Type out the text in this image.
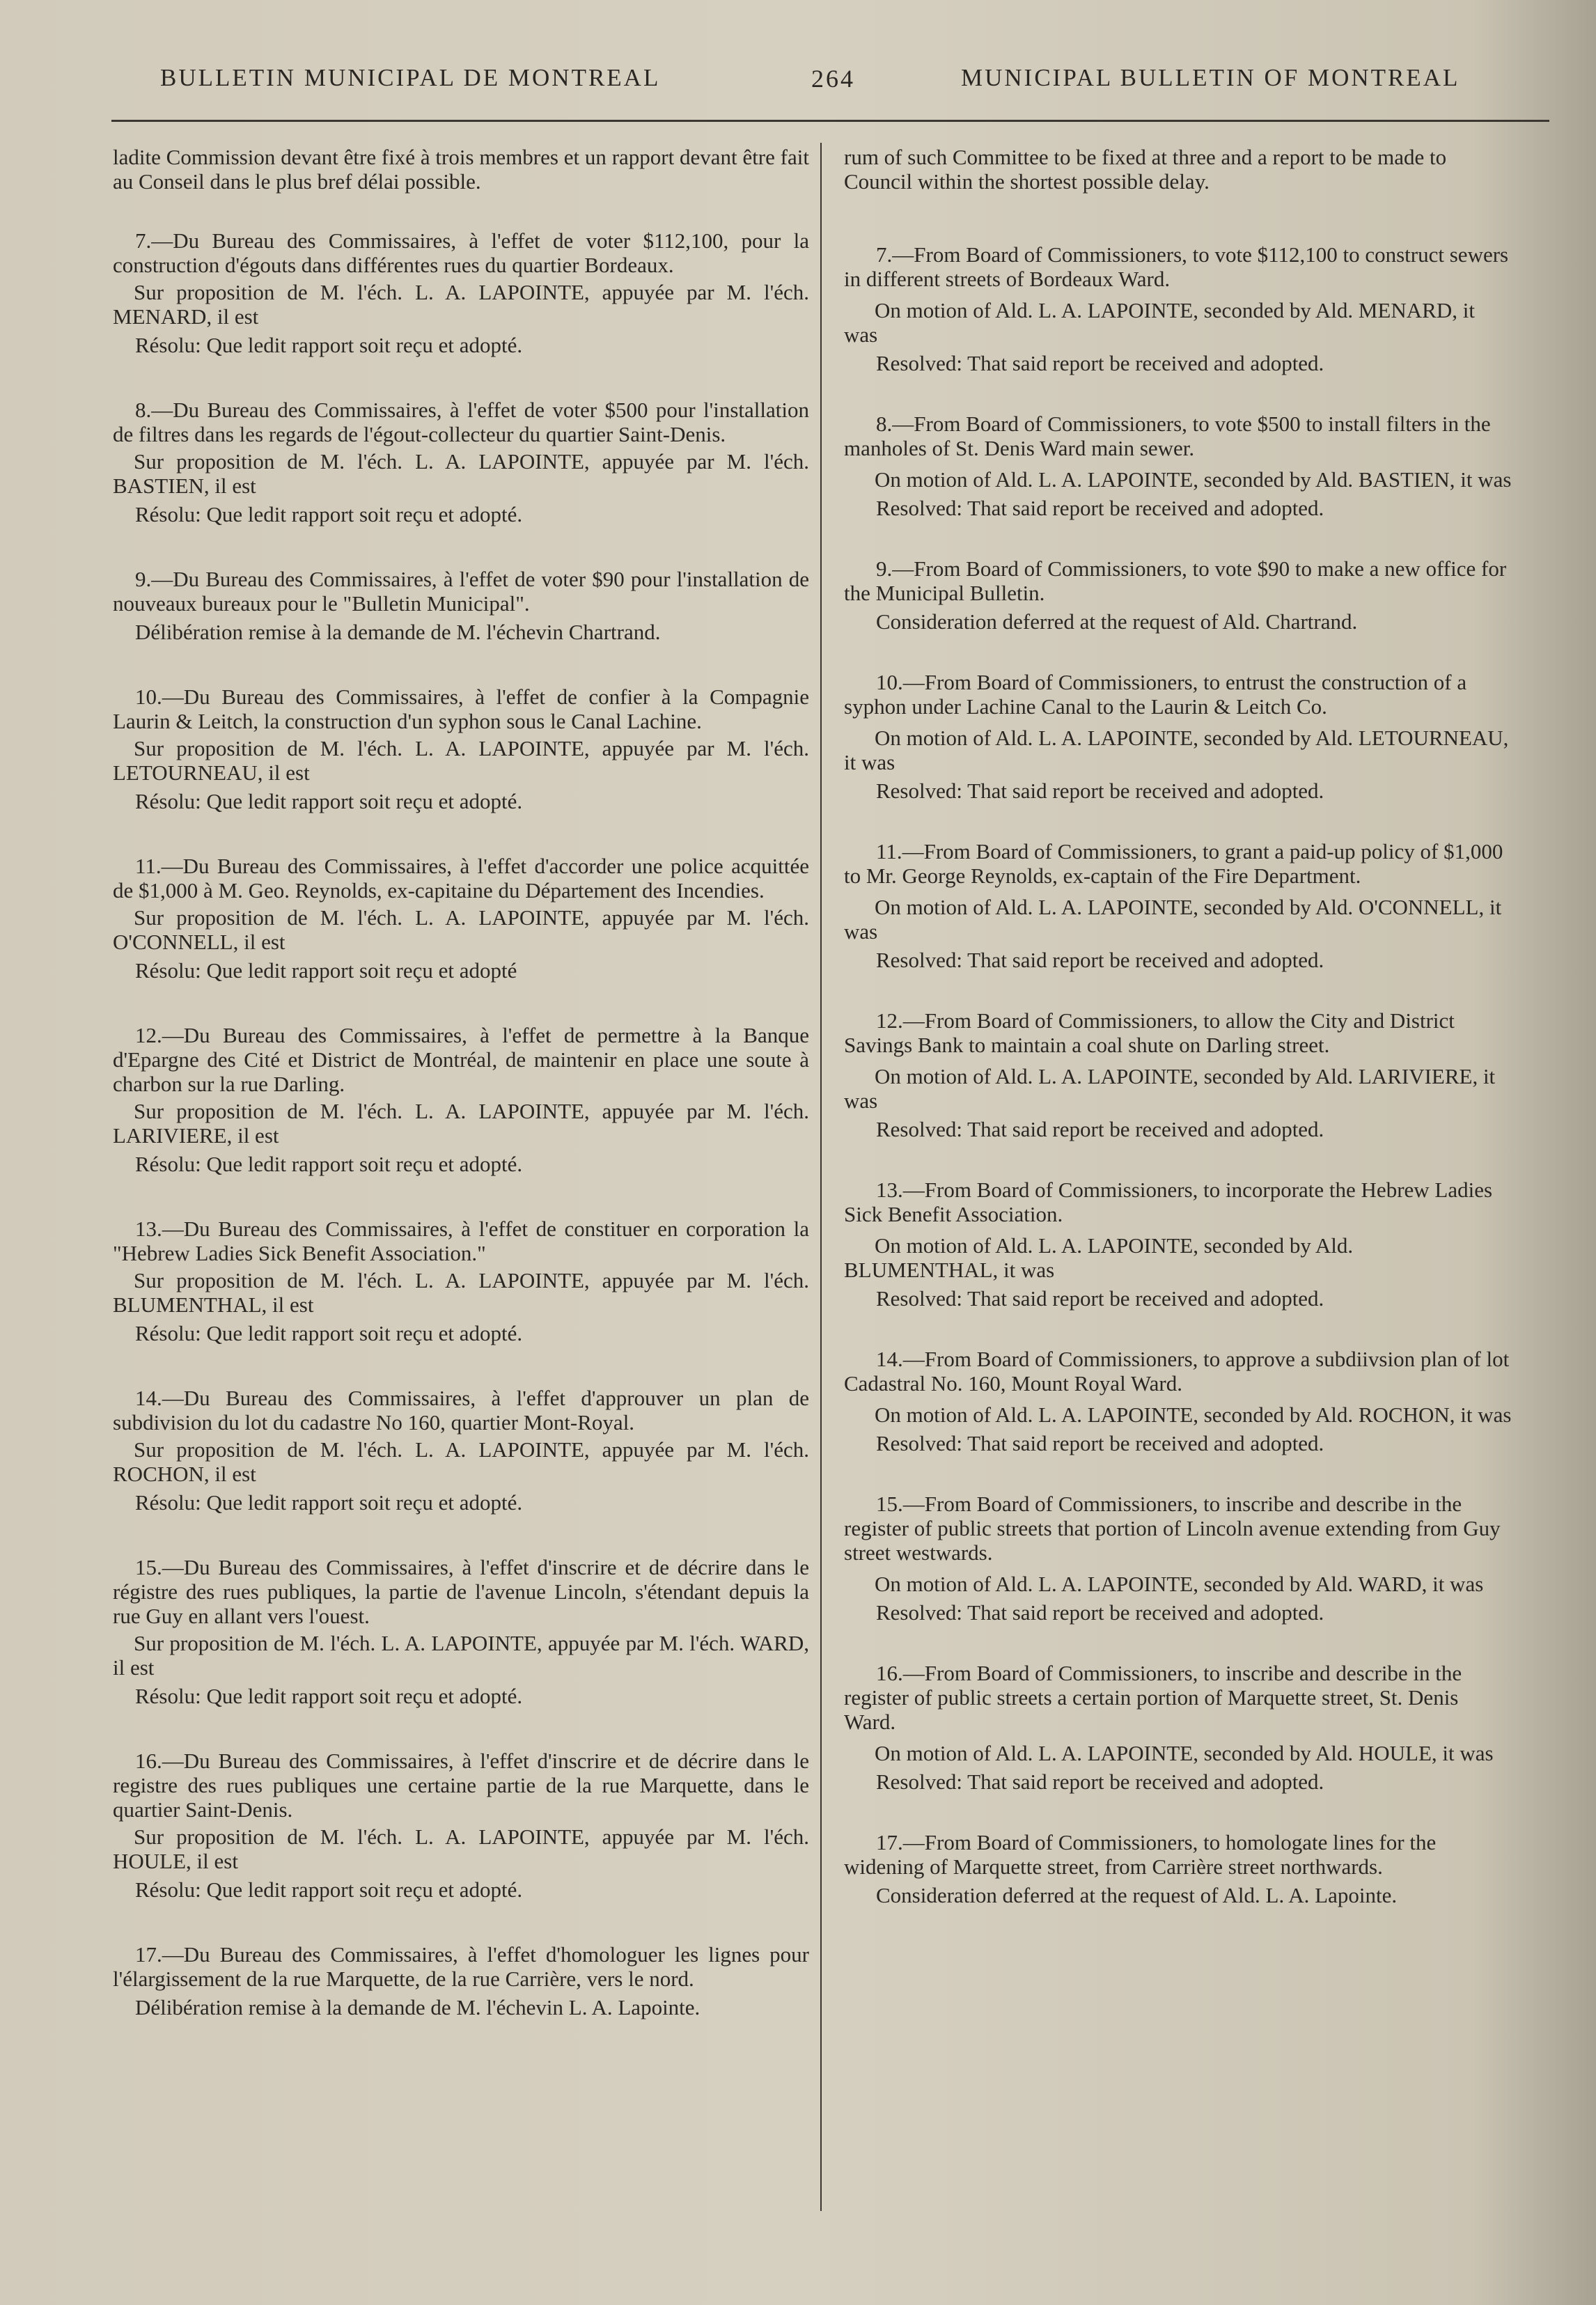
BULLETIN MUNICIPAL DE MONTREAL	264	MUNICIPAL BULLETIN OF MONTREAL

ladite Commission devant être fixé à trois membres et un rapport devant être fait au Conseil dans le plus bref délai possible.

7.—Du Bureau des Commissaires, à l'effet de voter $112,100, pour la construction d'égouts dans différentes rues du quartier Bordeaux.

Sur proposition de M. l'éch. L. A. LAPOINTE, appuyée par M. l'éch. MENARD, il est

Résolu: Que ledit rapport soit reçu et adopté.

8.—Du Bureau des Commissaires, à l'effet de voter $500 pour l'installation de filtres dans les regards de l'égout-collecteur du quartier Saint-Denis.

Sur proposition de M. l'éch. L. A. LAPOINTE, appuyée par M. l'éch. BASTIEN, il est

Résolu: Que ledit rapport soit reçu et adopté.

9.—Du Bureau des Commissaires, à l'effet de voter $90 pour l'installation de nouveaux bureaux pour le "Bulletin Municipal".

Délibération remise à la demande de M. l'échevin Chartrand.

10.—Du Bureau des Commissaires, à l'effet de confier à la Compagnie Laurin & Leitch, la construction d'un syphon sous le Canal Lachine.

Sur proposition de M. l'éch. L. A. LAPOINTE, appuyée par M. l'éch. LETOURNEAU, il est

Résolu: Que ledit rapport soit reçu et adopté.

11.—Du Bureau des Commissaires, à l'effet d'accorder une police acquittée de $1,000 à M. Geo. Reynolds, ex-capitaine du Département des Incendies.

Sur proposition de M. l'éch. L. A. LAPOINTE, appuyée par M. l'éch. O'CONNELL, il est

Résolu: Que ledit rapport soit reçu et adopté

12.—Du Bureau des Commissaires, à l'effet de permettre à la Banque d'Epargne des Cité et District de Montréal, de maintenir en place une soute à charbon sur la rue Darling.

Sur proposition de M. l'éch. L. A. LAPOINTE, appuyée par M. l'éch. LARIVIERE, il est

Résolu: Que ledit rapport soit reçu et adopté.

13.—Du Bureau des Commissaires, à l'effet de constituer en corporation la "Hebrew Ladies Sick Benefit Association."

Sur proposition de M. l'éch. L. A. LAPOINTE, appuyée par M. l'éch. BLUMENTHAL, il est

Résolu: Que ledit rapport soit reçu et adopté.

14.—Du Bureau des Commissaires, à l'effet d'approuver un plan de subdivision du lot du cadastre No 160, quartier Mont-Royal.

Sur proposition de M. l'éch. L. A. LAPOINTE, appuyée par M. l'éch. ROCHON, il est

Résolu: Que ledit rapport soit reçu et adopté.

15.—Du Bureau des Commissaires, à l'effet d'inscrire et de décrire dans le régistre des rues publiques, la partie de l'avenue Lincoln, s'étendant depuis la rue Guy en allant vers l'ouest.

Sur proposition de M. l'éch. L. A. LAPOINTE, appuyée par M. l'éch. WARD, il est

Résolu: Que ledit rapport soit reçu et adopté.

16.—Du Bureau des Commissaires, à l'effet d'inscrire et de décrire dans le registre des rues publiques une certaine partie de la rue Marquette, dans le quartier Saint-Denis.

Sur proposition de M. l'éch. L. A. LAPOINTE, appuyée par M. l'éch. HOULE, il est

Résolu: Que ledit rapport soit reçu et adopté.

17.—Du Bureau des Commissaires, à l'effet d'homologuer les lignes pour l'élargissement de la rue Marquette, de la rue Carrière, vers le nord.

Délibération remise à la demande de M. l'échevin L. A. Lapointe.

rum of such Committee to be fixed at three and a report to be made to Council within the shortest possible delay.

7.—From Board of Commissioners, to vote $112,100 to construct sewers in different streets of Bordeaux Ward.

On motion of Ald. L. A. LAPOINTE, seconded by Ald. MENARD, it was

Resolved: That said report be received and adopted.

8.—From Board of Commissioners, to vote $500 to install filters in the manholes of St. Denis Ward main sewer.

On motion of Ald. L. A. LAPOINTE, seconded by Ald. BASTIEN, it was

Resolved: That said report be received and adopted.

9.—From Board of Commissioners, to vote $90 to make a new office for the Municipal Bulletin.

Consideration deferred at the request of Ald. Chartrand.

10.—From Board of Commissioners, to entrust the construction of a syphon under Lachine Canal to the Laurin & Leitch Co.

On motion of Ald. L. A. LAPOINTE, seconded by Ald. LETOURNEAU, it was

Resolved: That said report be received and adopted.

11.—From Board of Commissioners, to grant a paid-up policy of $1,000 to Mr. George Reynolds, ex-captain of the Fire Department.

On motion of Ald. L. A. LAPOINTE, seconded by Ald. O'CONNELL, it was

Resolved: That said report be received and adopted.

12.—From Board of Commissioners, to allow the City and District Savings Bank to maintain a coal shute on Darling street.

On motion of Ald. L. A. LAPOINTE, seconded by Ald. LARIVIERE, it was

Resolved: That said report be received and adopted.

13.—From Board of Commissioners, to incorporate the Hebrew Ladies Sick Benefit Association.

On motion of Ald. L. A. LAPOINTE, seconded by Ald. BLUMENTHAL, it was

Resolved: That said report be received and adopted.

14.—From Board of Commissioners, to approve a subdiivsion plan of lot Cadastral No. 160, Mount Royal Ward.

On motion of Ald. L. A. LAPOINTE, seconded by Ald. ROCHON, it was

Resolved: That said report be received and adopted.

15.—From Board of Commissioners, to inscribe and describe in the register of public streets that portion of Lincoln avenue extending from Guy street westwards.

On motion of Ald. L. A. LAPOINTE, seconded by Ald. WARD, it was

Resolved: That said report be received and adopted.

16.—From Board of Commissioners, to inscribe and describe in the register of public streets a certain portion of Marquette street, St. Denis Ward.

On motion of Ald. L. A. LAPOINTE, seconded by Ald. HOULE, it was

Resolved: That said report be received and adopted.

17.—From Board of Commissioners, to homologate lines for the widening of Marquette street, from Carrière street northwards.

Consideration deferred at the request of Ald. L. A. Lapointe.
